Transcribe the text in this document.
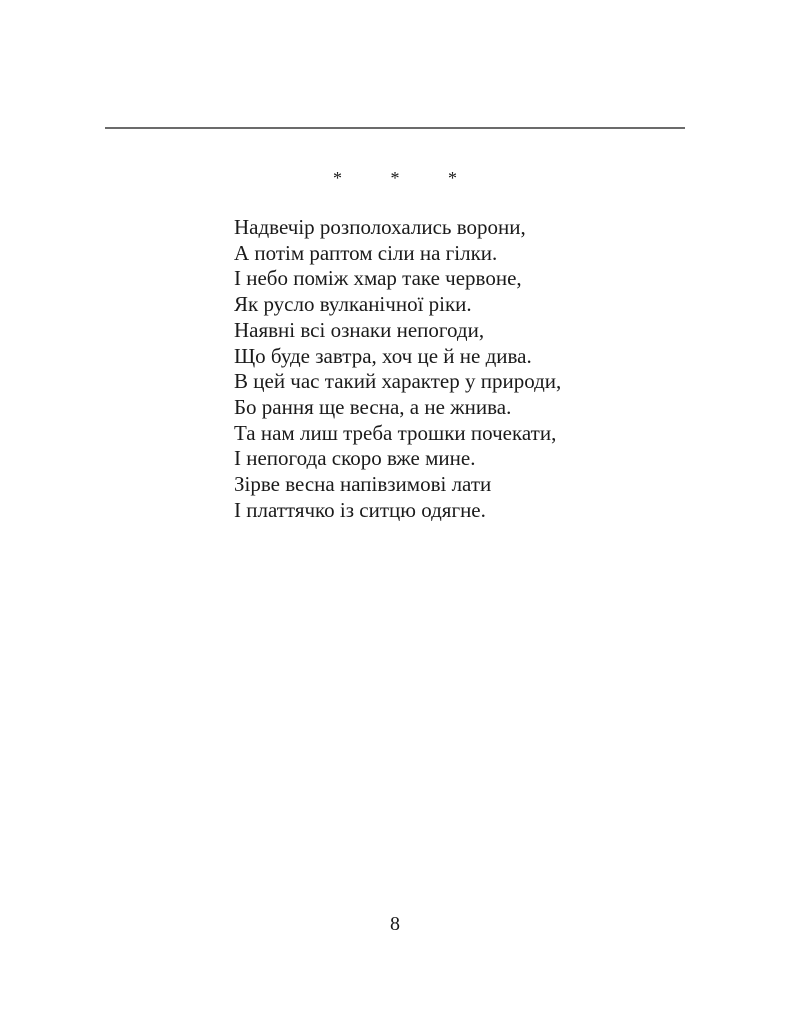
* * *
Надвечір розполохались ворони,
А потім раптом сіли на гілки.
І небо поміж хмар таке червоне,
Як русло вулканічної ріки.
Наявні всі ознаки непогоди,
Що буде завтра, хоч це й не дива.
В цей час такий характер у природи,
Бо рання ще весна, а не жнива.
Та нам лиш треба трошки почекати,
І непогода скоро вже мине.
Зірве весна напівзимові лати
І платтячко із ситцю одягне.
8
